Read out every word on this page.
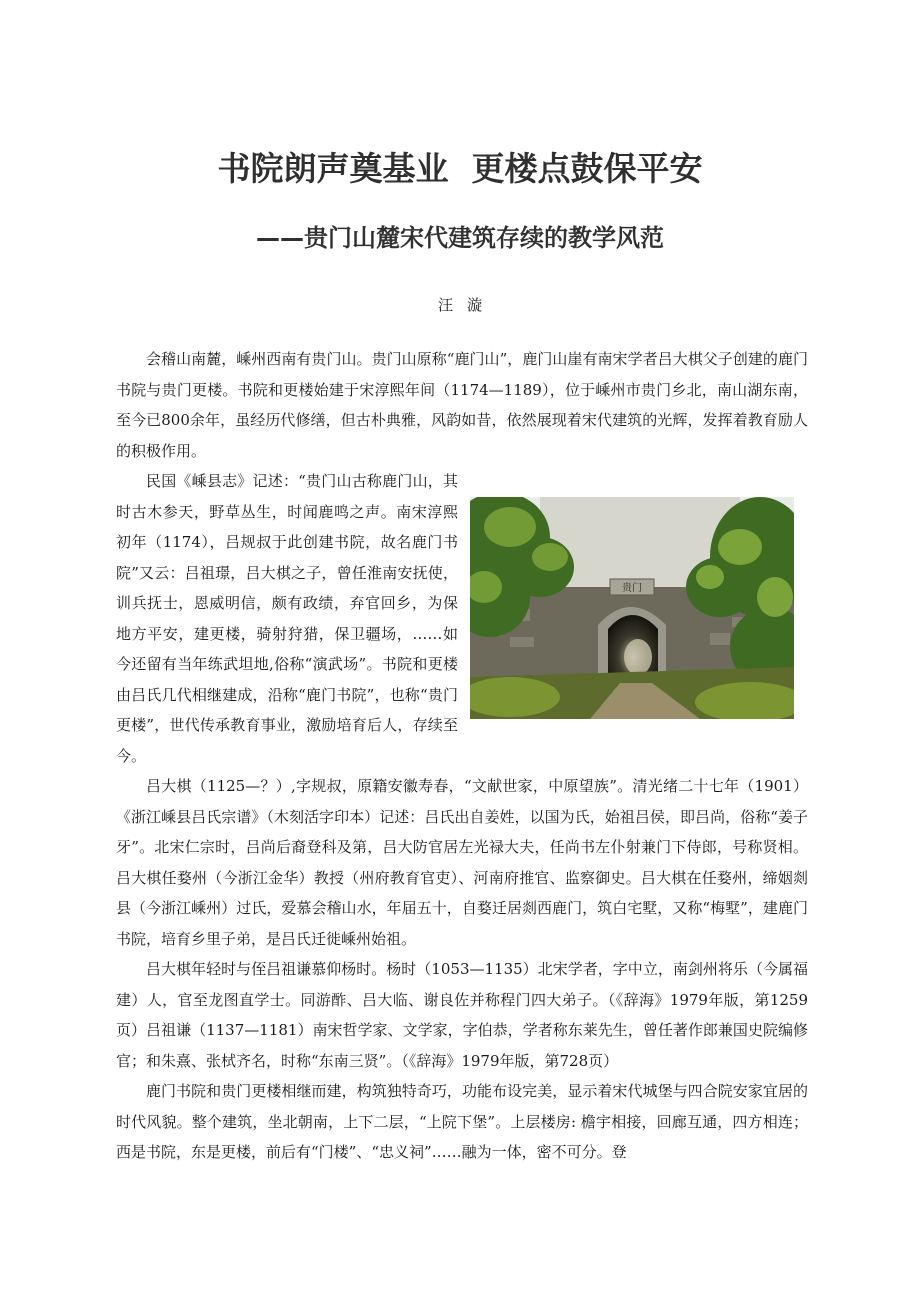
书院朗声奠基业  更楼点鼓保平安
——贵门山麓宋代建筑存续的教学风范
汪漩

会稽山南麓，嵊州西南有贵门山。贵门山原称“鹿门山”，鹿门山崖有南宋学者吕大棋父子创建的鹿门书院与贵门更楼。书院和更楼始建于宋淳熙年间（1174—1189），位于嵊州市贵门乡北，南山湖东南，至今已800余年，虽经历代修缮，但古朴典雅，风韵如昔，依然展现着宋代建筑的光辉，发挥着教育励人的积极作用。

贵门
民国《嵊县志》记述：“贵门山古称鹿门山，其时古木参天，野草丛生，时闻鹿鸣之声。南宋淳熙初年（1174），吕规叔于此创建书院，故名鹿门书院”又云：吕祖璟，吕大棋之子，曾任淮南安抚使，训兵抚士，恩威明信，颇有政绩，弃官回乡，为保地方平安，建更楼，骑射狩猎，保卫疆场，……如今还留有当年练武坦地,俗称“演武场”。书院和更楼由吕氏几代相继建成，沿称“鹿门书院”，也称“贵门更楼”，世代传承教育事业，激励培育后人，存续至今。

吕大棋（1125—？）,字规叔，原籍安徽寿春，“文献世家，中原望族”。清光绪二十七年（1901）《浙江嵊县吕氏宗谱》（木刻活字印本）记述：吕氏出自姜姓，以国为氏，始祖吕侯，即吕尚，俗称“姜子牙”。北宋仁宗时，吕尚后裔登科及第，吕大防官居左光禄大夫，任尚书左仆射兼门下侍郎，号称贤相。吕大棋任婺州（今浙江金华）教授（州府教育官吏）、河南府推官、监察御史。吕大棋在任婺州，缔姻剡县（今浙江嵊州）过氏，爱慕会稽山水，年届五十，自婺迁居剡西鹿门，筑白宅墅，又称“梅墅”，建鹿门书院，培育乡里子弟，是吕氏迁徙嵊州始祖。

吕大棋年轻时与侄吕祖谦慕仰杨时。杨时（1053—1135）北宋学者，字中立，南剑州将乐（今属福建）人，官至龙图直学士。同游酢、吕大临、谢良佐并称程门四大弟子。（《辞海》1979年版，第1259页）吕祖谦（1137—1181）南宋哲学家、文学家，字伯恭，学者称东莱先生，曾任著作郎兼国史院编修官；和朱熹、张栻齐名，时称“东南三贤”。（《辞海》1979年版，第728页）

鹿门书院和贵门更楼相继而建，构筑独特奇巧，功能布设完美，显示着宋代城堡与四合院安家宜居的时代风貌。整个建筑，坐北朝南，上下二层，“上院下堡”。上层楼房: 檐宇相接，回廊互通，四方相连；西是书院，东是更楼，前后有“门楼”、“忠义祠”……融为一体，密不可分。登
